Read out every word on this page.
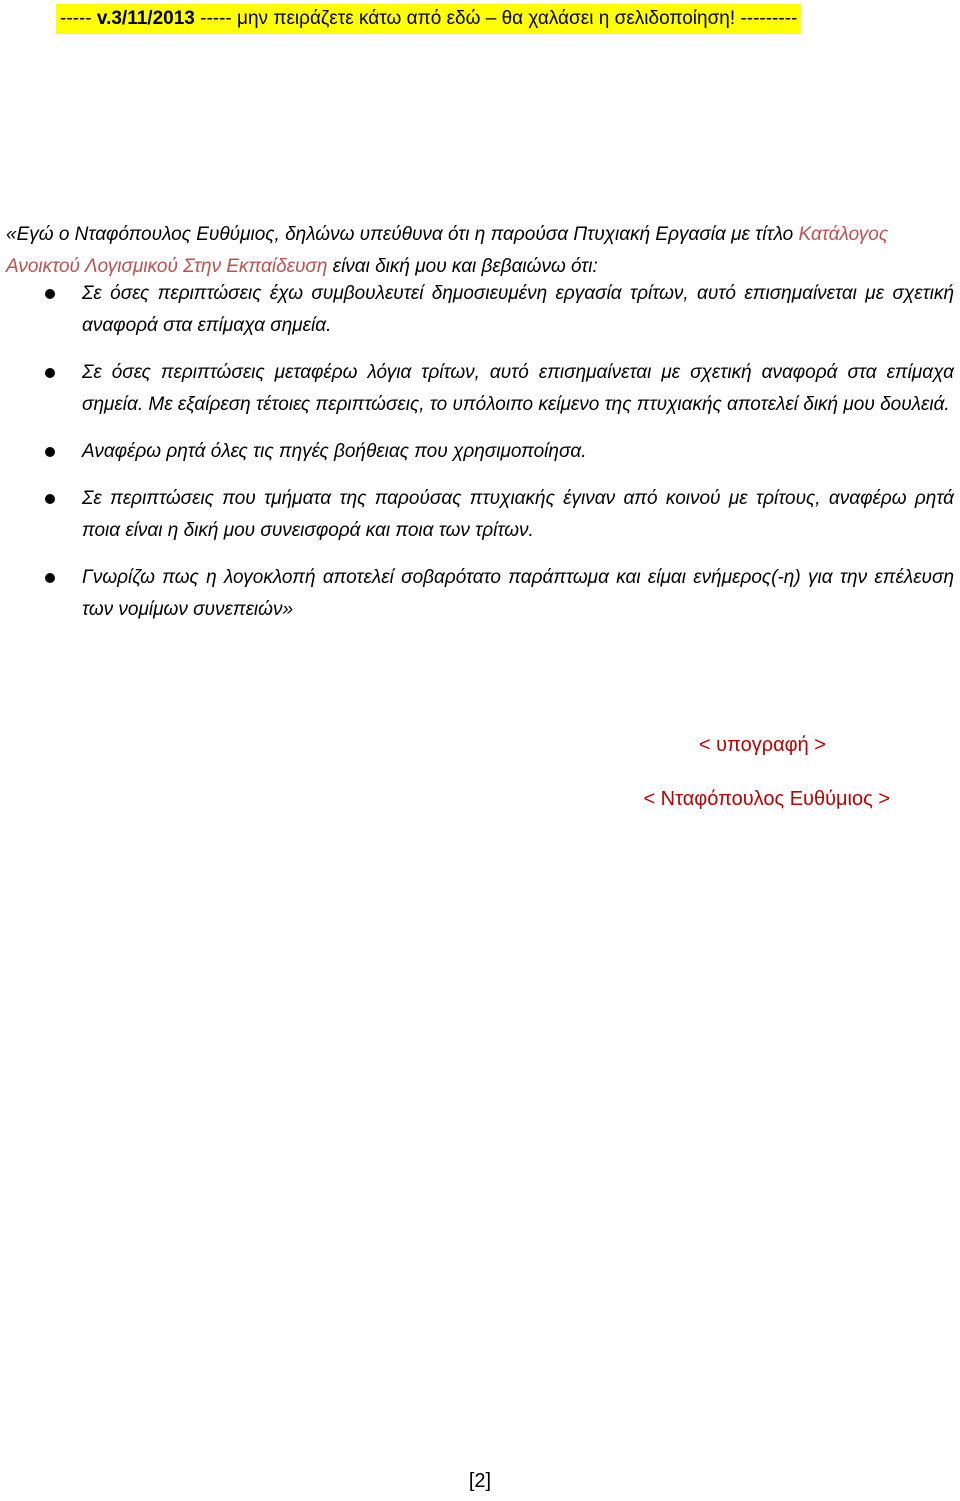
----- v.3/11/2013 ----- μην πειράζετε κάτω από εδώ – θα χαλάσει η σελιδοποίηση! ---------

«Εγώ ο Νταφόπουλος Ευθύμιος, δηλώνω υπεύθυνα ότι η παρούσα Πτυχιακή Εργασία με τίτλο Κατάλογος Ανοικτού Λογισμικού Στην Εκπαίδευση είναι δική μου και βεβαιώνω ότι:

Σε όσες περιπτώσεις έχω συμβουλευτεί δημοσιευμένη εργασία τρίτων, αυτό επισημαίνεται με σχετική αναφορά στα επίμαχα σημεία.
Σε όσες περιπτώσεις μεταφέρω λόγια τρίτων, αυτό επισημαίνεται με σχετική αναφορά στα επίμαχα σημεία. Με εξαίρεση τέτοιες περιπτώσεις, το υπόλοιπο κείμενο της πτυχιακής αποτελεί δική μου δουλειά.
Αναφέρω ρητά όλες τις πηγές βοήθειας που χρησιμοποίησα.
Σε περιπτώσεις που τμήματα της παρούσας πτυχιακής έγιναν από κοινού με τρίτους, αναφέρω ρητά ποια είναι η δική μου συνεισφορά και ποια των τρίτων.
Γνωρίζω πως η λογοκλοπή αποτελεί σοβαρότατο παράπτωμα και είμαι ενήμερος(-η) για την επέλευση των νομίμων συνεπειών»
< υπογραφή >
< Νταφόπουλος Ευθύμιος >
[2]
